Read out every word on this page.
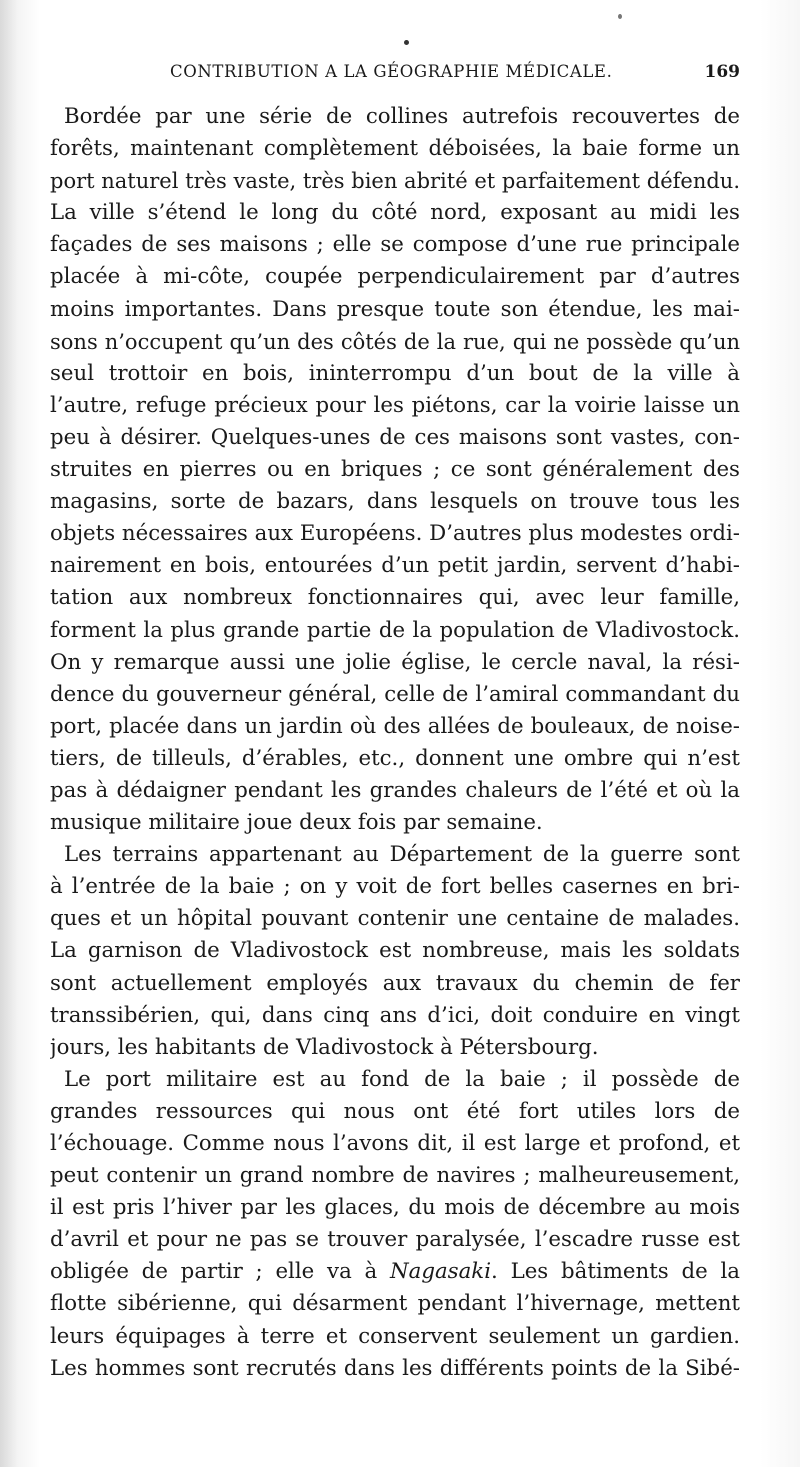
CONTRIBUTION A LA GÉOGRAPHIE MÉDICALE.	169
Bordée par une série de collines autrefois recouvertes de
forêts, maintenant complètement déboisées, la baie forme un
port naturel très vaste, très bien abrité et parfaitement défendu.
La ville s’étend le long du côté nord, exposant au midi les
façades de ses maisons ; elle se compose d’une rue principale
placée à mi-côte, coupée perpendiculairement par d’autres
moins importantes. Dans presque toute son étendue, les mai-
sons n’occupent qu’un des côtés de la rue, qui ne possède qu’un
seul trottoir en bois, ininterrompu d’un bout de la ville à
l’autre, refuge précieux pour les piétons, car la voirie laisse un
peu à désirer. Quelques-unes de ces maisons sont vastes, con-
struites en pierres ou en briques ; ce sont généralement des
magasins, sorte de bazars, dans lesquels on trouve tous les
objets nécessaires aux Européens. D’autres plus modestes ordi-
nairement en bois, entourées d’un petit jardin, servent d’habi-
tation aux nombreux fonctionnaires qui, avec leur famille,
forment la plus grande partie de la population de Vladivostock.
On y remarque aussi une jolie église, le cercle naval, la rési-
dence du gouverneur général, celle de l’amiral commandant du
port, placée dans un jardin où des allées de bouleaux, de noise-
tiers, de tilleuls, d’érables, etc., donnent une ombre qui n’est
pas à dédaigner pendant les grandes chaleurs de l’été et où la
musique militaire joue deux fois par semaine.
Les terrains appartenant au Département de la guerre sont
à l’entrée de la baie ; on y voit de fort belles casernes en bri-
ques et un hôpital pouvant contenir une centaine de malades.
La garnison de Vladivostock est nombreuse, mais les soldats
sont actuellement employés aux travaux du chemin de fer
transsibérien, qui, dans cinq ans d’ici, doit conduire en vingt
jours, les habitants de Vladivostock à Pétersbourg.
Le port militaire est au fond de la baie ; il possède de
grandes ressources qui nous ont été fort utiles lors de
l’échouage. Comme nous l’avons dit, il est large et profond, et
peut contenir un grand nombre de navires ; malheureusement,
il est pris l’hiver par les glaces, du mois de décembre au mois
d’avril et pour ne pas se trouver paralysée, l’escadre russe est
obligée de partir ; elle va à Nagasaki. Les bâtiments de la
flotte sibérienne, qui désarment pendant l’hivernage, mettent
leurs équipages à terre et conservent seulement un gardien.
Les hommes sont recrutés dans les différents points de la Sibé-
